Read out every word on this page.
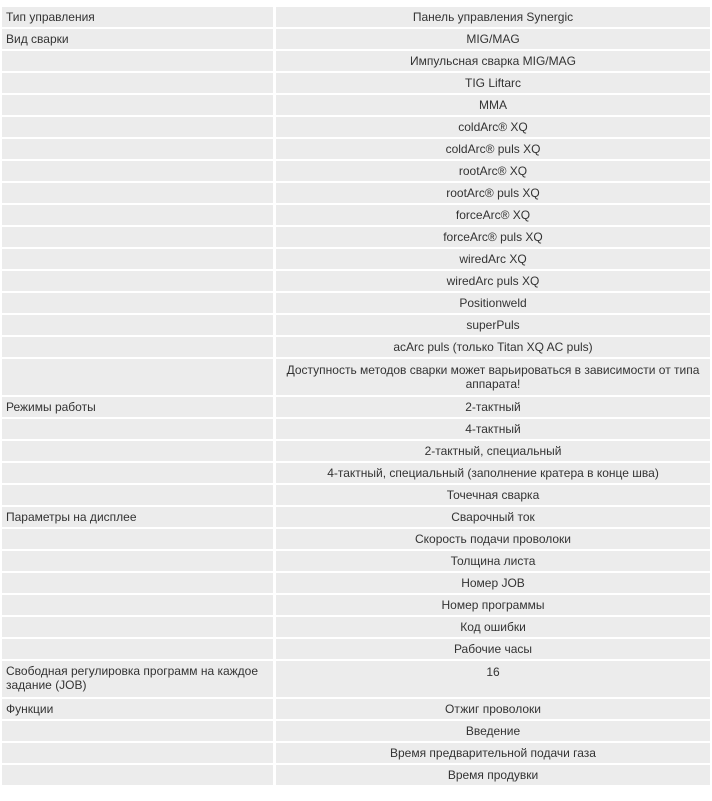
Тип управления	Панель управления Synergic
Вид сварки	MIG/MAG
	Импульсная сварка MIG/MAG
	TIG Liftarc
	MMA
	coldArc® XQ
	coldArc® puls XQ
	rootArc® XQ
	rootArc® puls XQ
	forceArc® XQ
	forceArc® puls XQ
	wiredArc XQ
	wiredArc puls XQ
	Positionweld
	superPuls
	acArc puls (только Titan XQ AC puls)
	Доступность методов сварки может варьироваться в зависимости от типа аппарата!
Режимы работы	2-тактный
	4-тактный
	2-тактный, специальный
	4-тактный, специальный (заполнение кратера в конце шва)
	Точечная сварка
Параметры на дисплее	Сварочный ток
	Скорость подачи проволоки
	Толщина листа
	Номер JOB
	Номер программы
	Код ошибки
	Рабочие часы
Свободная регулировка программ на каждое задание (JOB)	16
Функции	Отжиг проволоки
	Введение
	Время предварительной подачи газа
	Время продувки
